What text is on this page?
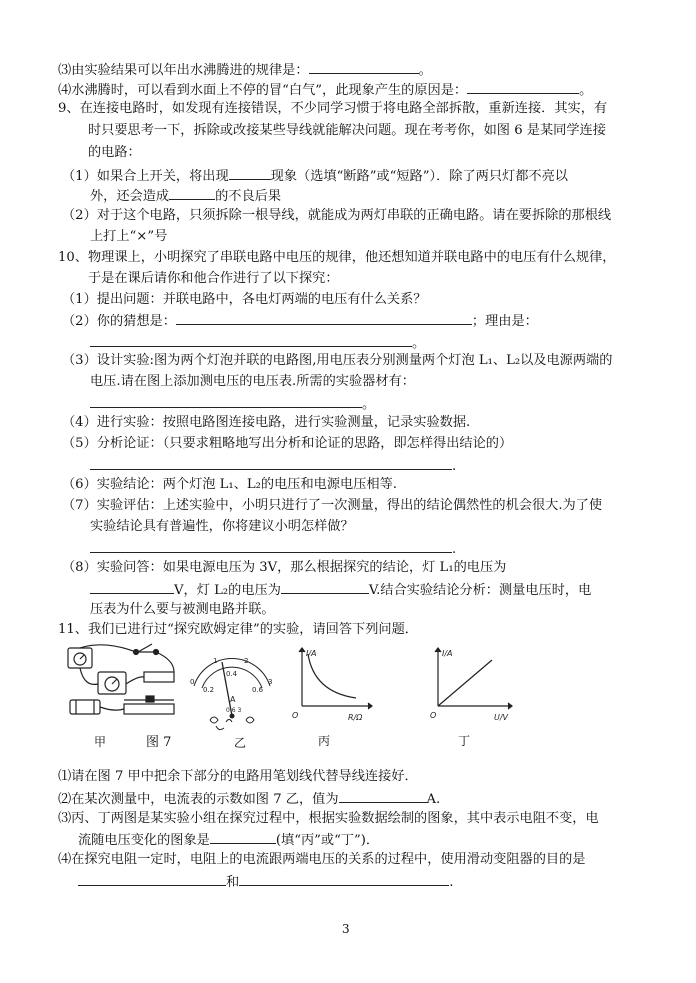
⑶由实验结果可以年出水沸腾进的规律是：	。
⑷水沸腾时，可以看到水面上不停的冒“白气”，此现象产生的原因是：	。
9、在连接电路时，如发现有连接错误，不少同学习惯于将电路全部拆散，重新连接．其实，有
时只要思考一下，拆除或改接某些导线就能解决问题。现在考考你，如图 6 是某同学连接
的电路：
（1）如果合上开关，将出现	现象（选填“断路”或“短路”）．除了两只灯都不亮以
外，还会造成	的不良后果
（2）对于这个电路，只须拆除一根导线，就能成为两灯串联的正确电路。请在要拆除的那根线
上打上“×”号
10、物理课上，小明探究了串联电路中电压的规律，他还想知道并联电路中的电压有什么规律，
于是在课后请你和他合作进行了以下探究：
（1）提出问题：并联电路中，各电灯两端的电压有什么关系？
（2）你的猜想是：	；理由是：
。
（3）设计实验:图为两个灯泡并联的电路图,用电压表分别测量两个灯泡 L₁、L₂以及电源两端的
电压.请在图上添加测电压的电压表.所需的实验器材有：
。
（4）进行实验：按照电路图连接电路，进行实验测量，记录实验数据.
（5）分析论证：（只要求粗略地写出分析和论证的思路，即怎样得出结论的）
.
（6）实验结论：两个灯泡 L₁、L₂的电压和电源电压相等.
（7）实验评估：上述实验中，小明只进行了一次测量，得出的结论偶然性的机会很大.为了使
实验结论具有普遍性，你将建议小明怎样做？
.
（8）实验问答：如果电源电压为 3V，那么根据探究的结论，灯 L₁的电压为
V，灯 L₂的电压为	V.结合实验结论分析：测量电压时，电
压表为什么要与被测电路并联。
11、我们已进行过“探究欧姆定律”的实验，请回答下列问题．
甲	图 7
0
1	2
3
0.2
0.4
0.6
A
0.6 3
乙
I/A
R/Ω
O
丙
I/A
U/V
O
丁
⑴请在图 7 甲中把余下部分的电路用笔划线代替导线连接好．
⑵在某次测量中，电流表的示数如图 7 乙，值为	A.
⑶丙、丁两图是某实验小组在探究过程中，根据实验数据绘制的图象，其中表示电阻不变，电
流随电压变化的图象是	(填“丙”或“丁”)．
⑷在探究电阻一定时，电阻上的电流跟两端电压的关系的过程中，使用滑动变阻器的目的是
和	.
3
